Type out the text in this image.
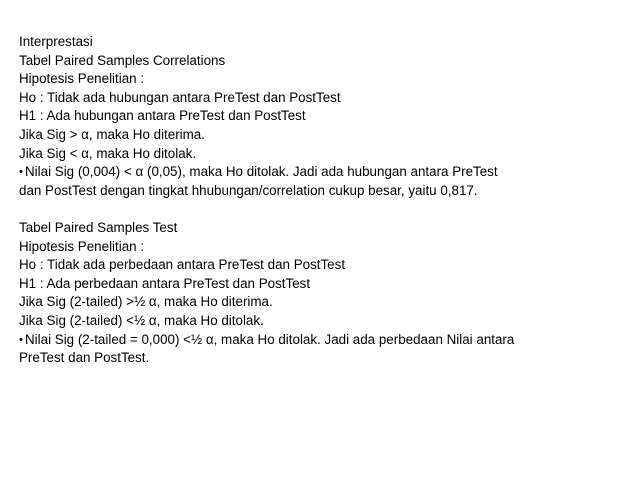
Interprestasi
Tabel Paired Samples Correlations
Hipotesis Penelitian :
Ho : Tidak ada hubungan antara PreTest dan PostTest
H1 : Ada hubungan antara PreTest dan PostTest
Jika Sig > α, maka Ho diterima.
Jika Sig < α, maka Ho ditolak.
• Nilai Sig (0,004) < α (0,05), maka Ho ditolak. Jadi ada hubungan antara PreTest
dan PostTest dengan tingkat hhubungan/correlation cukup besar, yaitu 0,817.
Tabel Paired Samples Test
Hipotesis Penelitian :
Ho : Tidak ada perbedaan antara PreTest dan PostTest
H1 : Ada perbedaan antara PreTest dan PostTest
Jika Sig (2-tailed) >½ α, maka Ho diterima.
Jika Sig (2-tailed) <½ α, maka Ho ditolak.
• Nilai Sig (2-tailed = 0,000) <½ α, maka Ho ditolak. Jadi ada perbedaan Nilai antara
PreTest dan PostTest.
